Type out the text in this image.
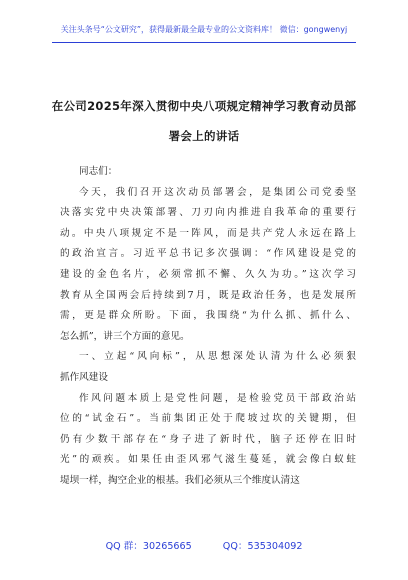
关注头条号“公文研究”，获得最新最全最专业的公文资料库！ 微信：gongwenyj
在公司2025年深入贯彻中央八项规定精神学习教育动员部
署会上的讲话
同志们：
今天，我们召开这次动员部署会，是集团公司党委坚
决落实党中央决策部署、刀刃向内推进自我革命的重要行
动。中央八项规定不是一阵风，而是共产党人永远在路上
的政治宣言。习近平总书记多次强调：“作风建设是党的
建设的金色名片，必须常抓不懈、久久为功。”这次学习
教育从全国两会后持续到7月，既是政治任务，也是发展所
需，更是群众所盼。下面，我围绕“为什么抓、抓什么、
怎么抓”，讲三个方面的意见。
一、立起“风向标”，从思想深处认清为什么必须狠
抓作风建设
作风问题本质上是党性问题，是检验党员干部政治站
位的“试金石”。当前集团正处于爬坡过坎的关键期，但
仍有少数干部存在“身子进了新时代，脑子还停在旧时
光”的顽疾。如果任由歪风邪气滋生蔓延，就会像白蚁蛀
堤坝一样，掏空企业的根基。我们必须从三个维度认清这
QQ 群：30265665	QQ：535304092
